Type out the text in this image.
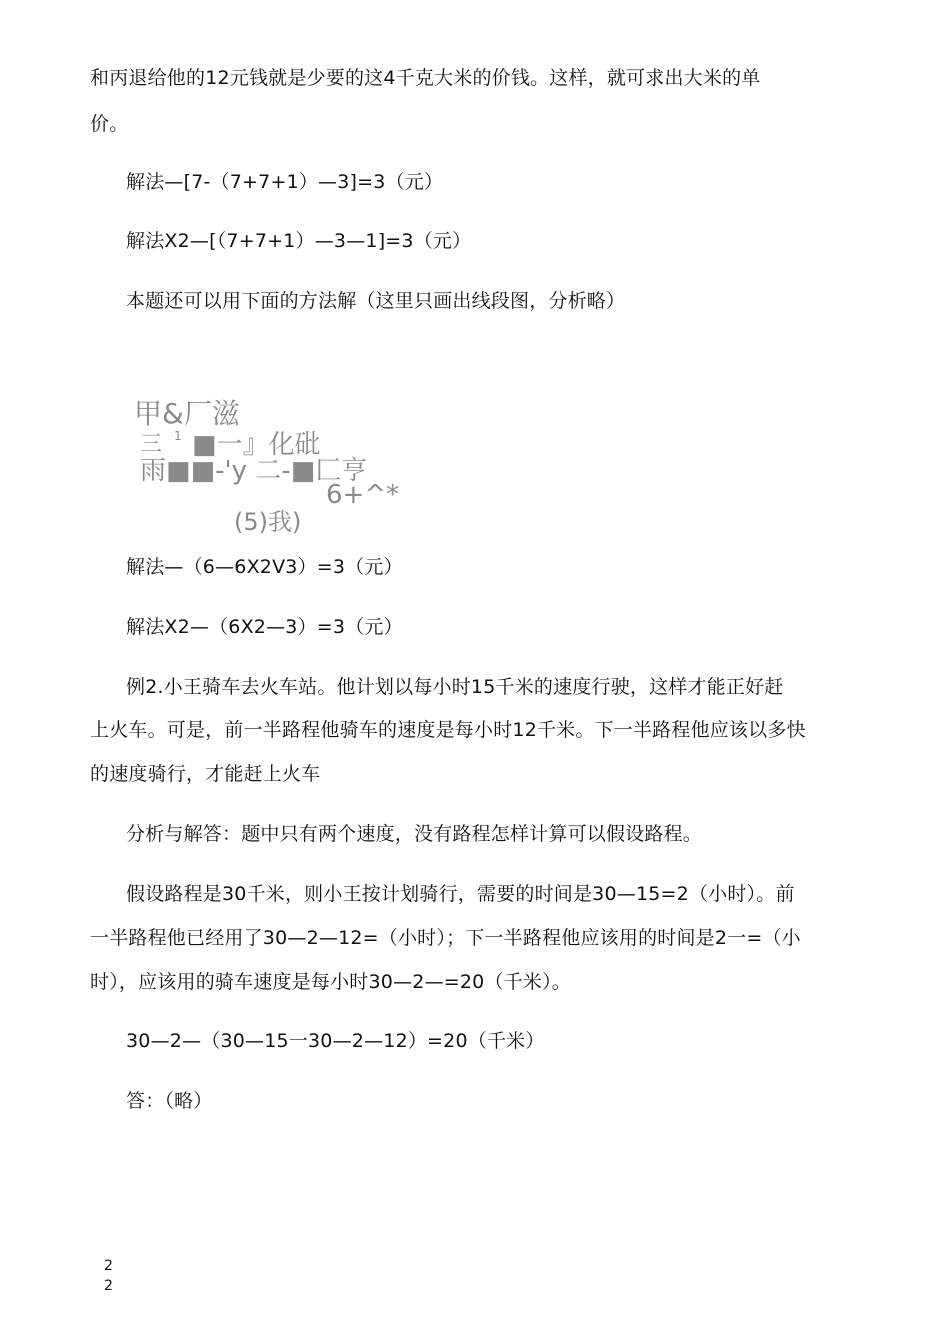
和丙退给他的12元钱就是少要的这4千克大米的价钱。这样，就可求出大米的单
价。
解法—[7-（7+7+1）—3]=3（元）
解法X2—[（7+7+1）—3—1]=3（元）
本题还可以用下面的方法解（这里只画出线段图，分析略）
甲&厂滋
三 1 ■一』化砒
雨■■-'y 二-■匚亨
6+^*
(5)我)
解法—（6—6X2V3）=3（元）
解法X2—（6X2—3）=3（元）
例2.小王骑车去火车站。他计划以每小时15千米的速度行驶，这样才能正好赶
上火车。可是，前一半路程他骑车的速度是每小时12千米。下一半路程他应该以多快
的速度骑行，才能赶上火车
分析与解答：题中只有两个速度，没有路程怎样计算可以假设路程。
假设路程是30千米，则小王按计划骑行，需要的时间是30—15=2（小时）。前
一半路程他已经用了30—2—12=（小时）；下一半路程他应该用的时间是2一=（小
时），应该用的骑车速度是每小时30—2—=20（千米）。
30—2—（30—15一30—2—12）=20（千米）
答：（略）
2
2
